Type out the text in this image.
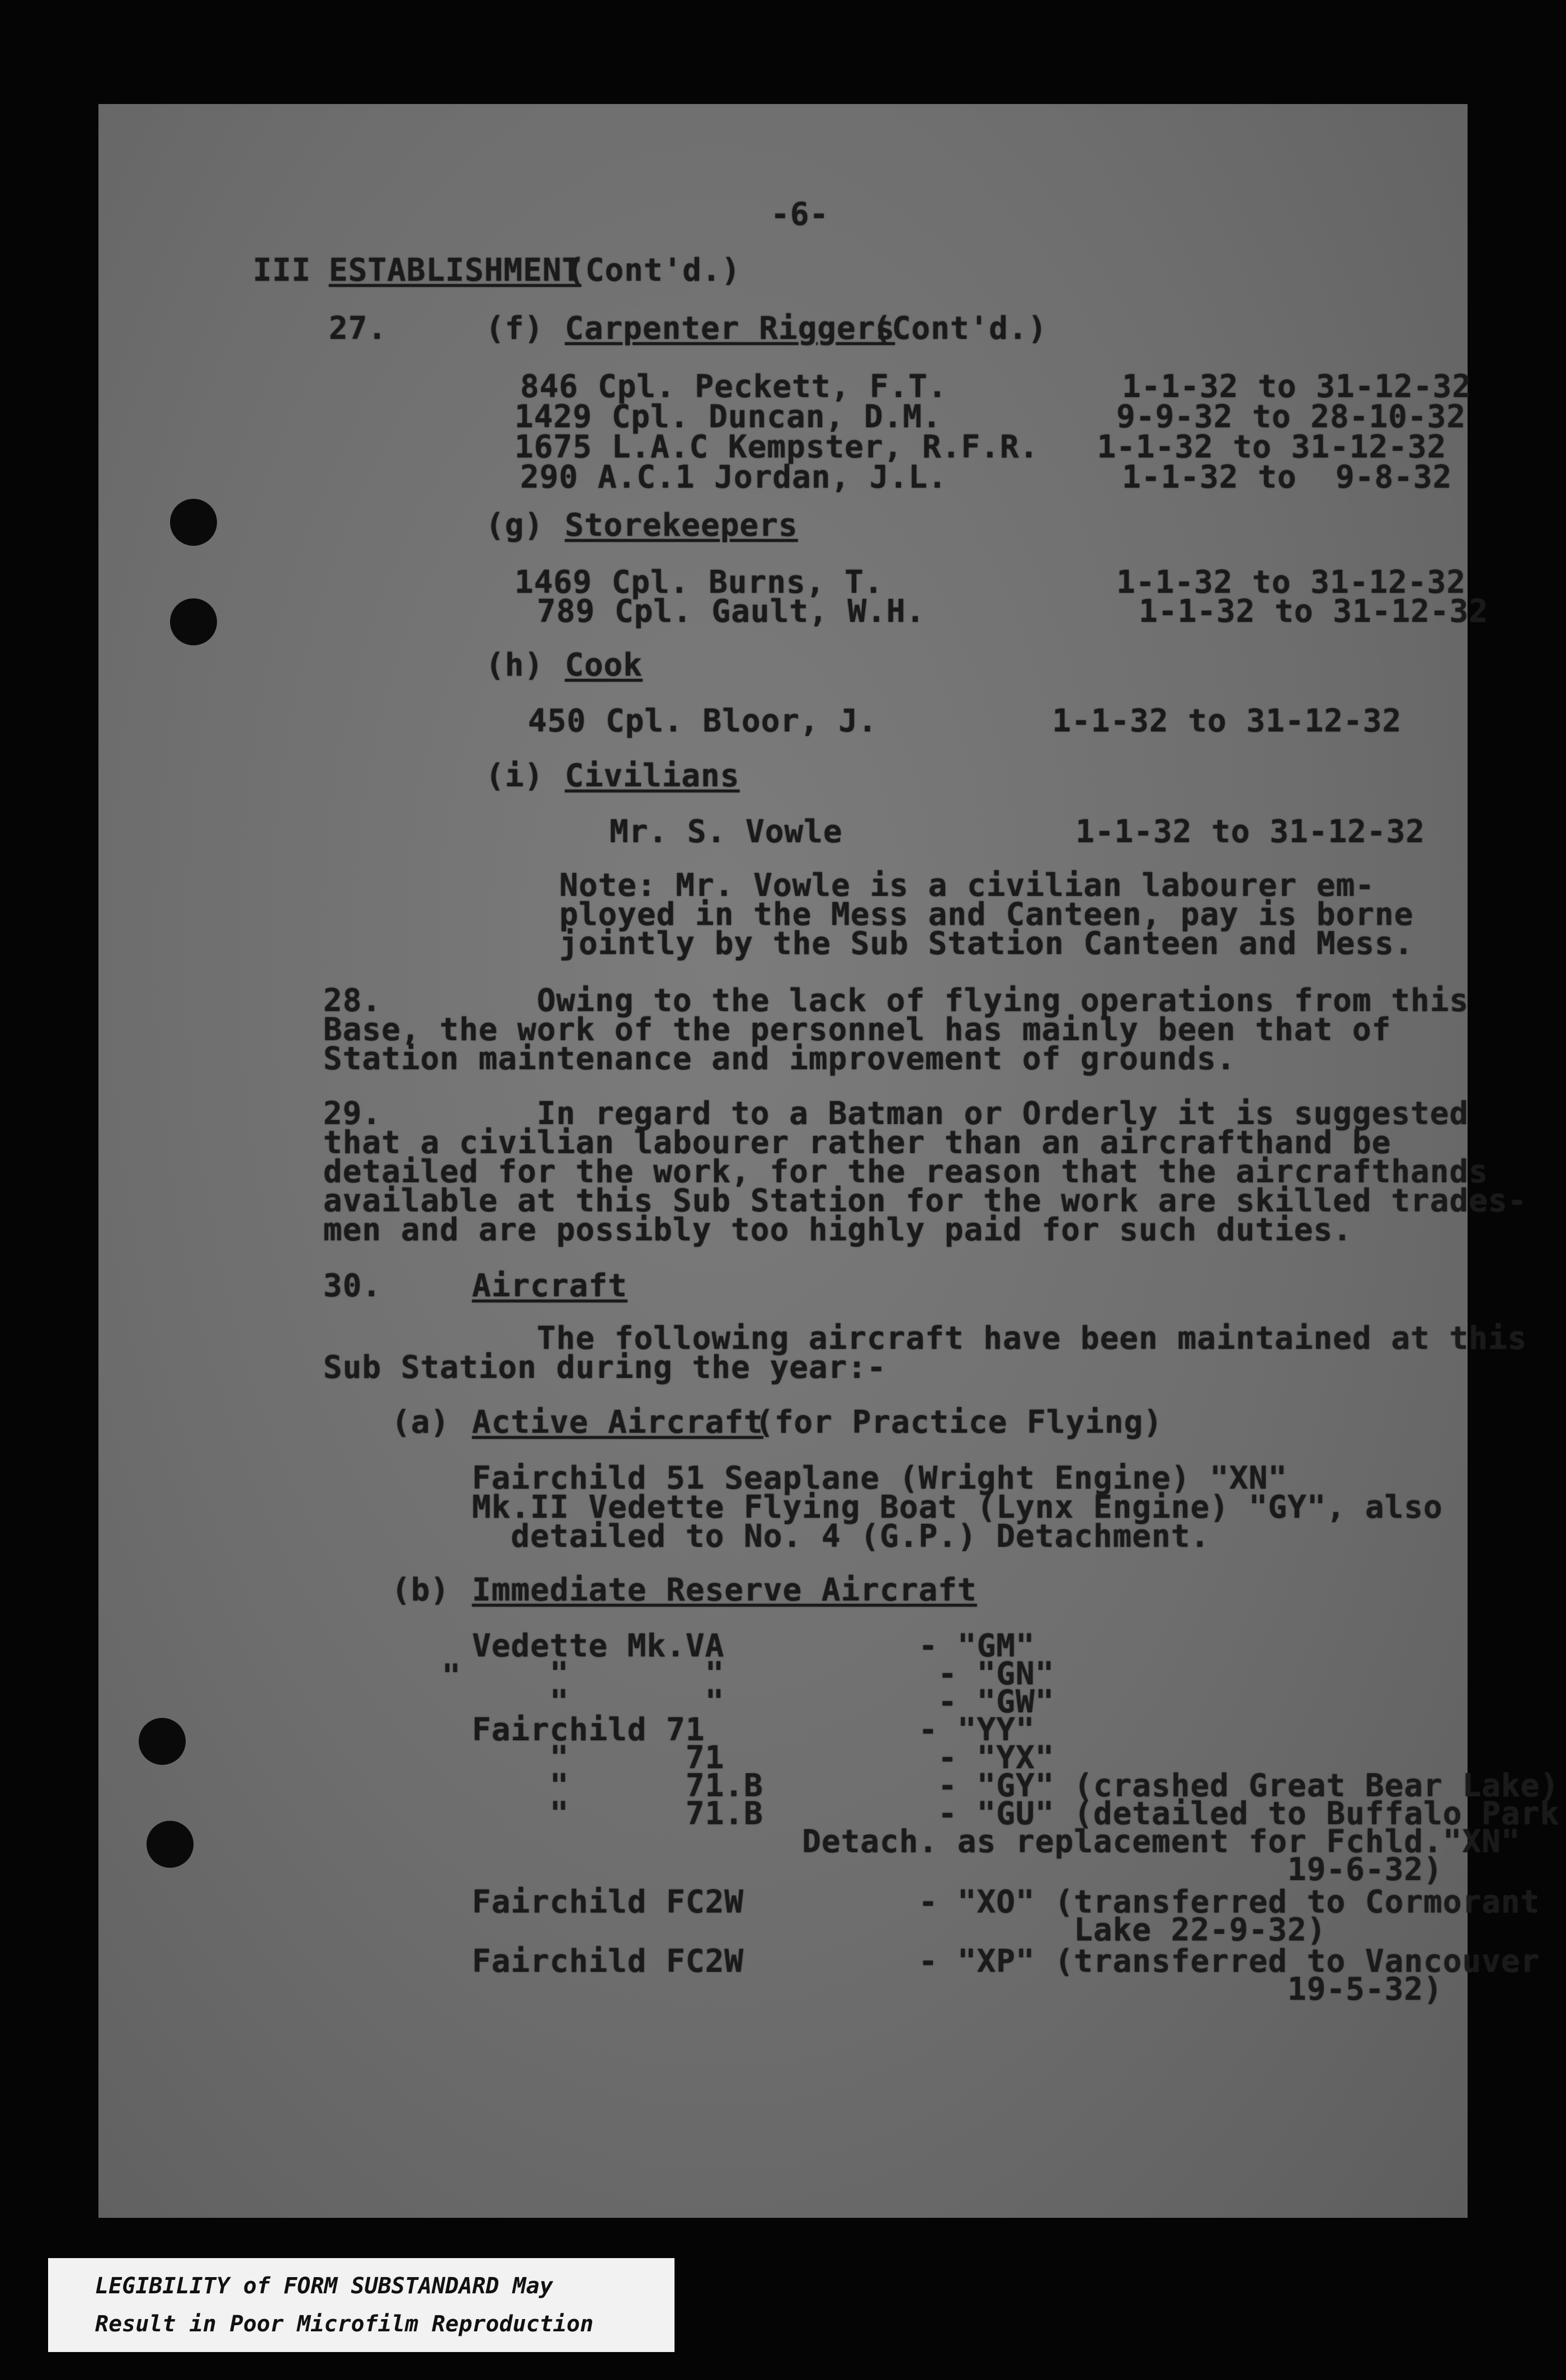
-6-
III ESTABLISHMENT
(Cont'd.)
27.	(f) Carpenter Riggers
(Cont'd.)
846 Cpl. Peckett, F.T.         1-1-32 to 31-12-32
1429 Cpl. Duncan, D.M.         9-9-32 to 28-10-32
1675 L.A.C Kempster, R.F.R.   1-1-32 to 31-12-32
290 A.C.1 Jordan, J.L.         1-1-32 to  9-8-32
(g) Storekeepers
1469 Cpl. Burns, T.            1-1-32 to 31-12-32
789 Cpl. Gault, W.H.           1-1-32 to 31-12-32
(h) Cook
450 Cpl. Bloor, J.         1-1-32 to 31-12-32
(i) Civilians
Mr. S. Vowle            1-1-32 to 31-12-32
Note: Mr. Vowle is a civilian labourer em-
ployed in the Mess and Canteen, pay is borne
jointly by the Sub Station Canteen and Mess.
28.        Owing to the lack of flying operations from this
Base, the work of the personnel has mainly been that of
Station maintenance and improvement of grounds.
29.        In regard to a Batman or Orderly it is suggested
that a civilian labourer rather than an aircrafthand be
detailed for the work, for the reason that the aircrafthands
available at this Sub Station for the work are skilled trades-
men and are possibly too highly paid for such duties.
30.	Aircraft
The following aircraft have been maintained at this
Sub Station during the year:-
(a) Active Aircraft
(for Practice Flying)
Fairchild 51 Seaplane (Wright Engine) "XN"
Mk.II Vedette Flying Boat (Lynx Engine) "GY", also
detailed to No. 4 (G.P.) Detachment.
(b) Immediate Reserve Aircraft
"
Vedette Mk.VA          - "GM"
"       "           - "GN"
"       "           - "GW"
Fairchild 71           - "YY"
"      71           - "YX"
"      71.B         - "GY" (crashed Great Bear Lake)
"      71.B         - "GU" (detailed to Buffalo Park
Detach. as replacement for Fchld."XN"
19-6-32)
Fairchild FC2W         - "XO" (transferred to Cormorant
Lake 22-9-32)
Fairchild FC2W         - "XP" (transferred to Vancouver
19-5-32)
LEGIBILITY of FORM SUBSTANDARD May
Result in Poor Microfilm Reproduction
